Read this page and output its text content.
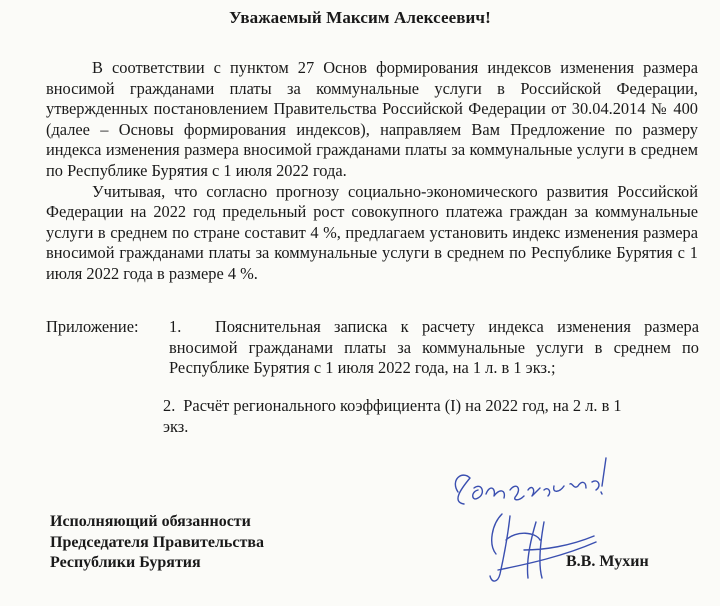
Уважаемый Максим Алексеевич!

В соответствии с пунктом 27 Основ формирования индексов изменения размера вносимой гражданами платы за коммунальные услуги в Российской Федерации, утвержденных постановлением Правительства Российской Федерации от 30.04.2014 № 400 (далее – Основы формирования индексов), направляем Вам Предложение по размеру индекса изменения размера вносимой гражданами платы за коммунальные услуги в среднем по Республике Бурятия с 1 июля 2022 года.

Учитывая, что согласно прогнозу социально-экономического развития Российской Федерации на 2022 год предельный рост совокупного платежа граждан за коммунальные услуги в среднем по стране составит 4 %, предлагаем установить индекс изменения размера вносимой гражданами платы за коммунальные услуги в среднем по Республике Бурятия с 1 июля 2022 года в размере 4 %.

Приложение: 1. Пояснительная записка к расчету индекса изменения размера вносимой гражданами платы за коммунальные услуги в среднем по Республике Бурятия с 1 июля 2022 года, на 1 л. в 1 экз.;
2. Расчёт регионального коэффициента (I) на 2022 год, на 2 л. в 1 экз.
Исполняющий обязанности
Председателя Правительства
Республики Бурятия	В.В. Мухин
